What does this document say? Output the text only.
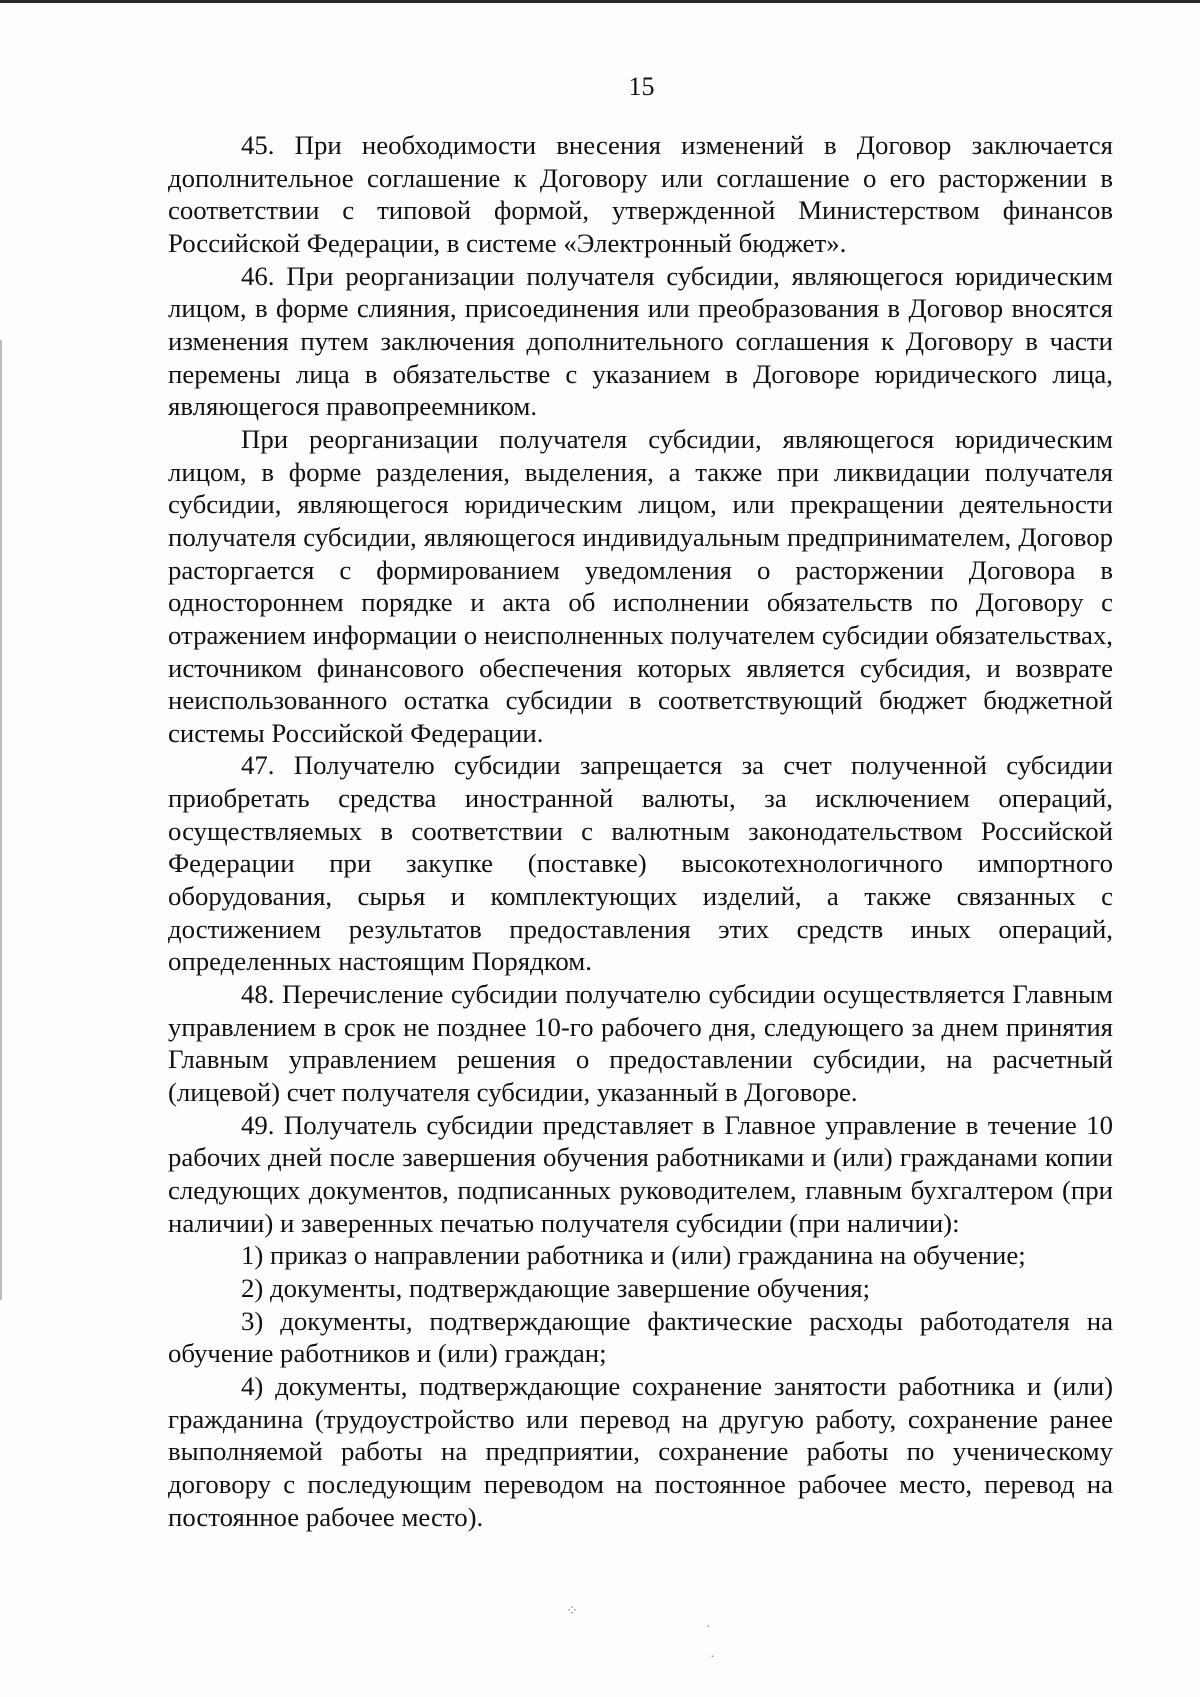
15

45. При необходимости внесения изменений в Договор заключается дополнительное соглашение к Договору или соглашение о его расторжении в соответствии с типовой формой, утвержденной Министерством финансов Российской Федерации, в системе «Электронный бюджет».

46. При реорганизации получателя субсидии, являющегося юридическим лицом, в форме слияния, присоединения или преобразования в Договор вносятся изменения путем заключения дополнительного соглашения к Договору в части перемены лица в обязательстве с указанием в Договоре юридического лица, являющегося правопреемником.

При реорганизации получателя субсидии, являющегося юридическим лицом, в форме разделения, выделения, а также при ликвидации получателя субсидии, являющегося юридическим лицом, или прекращении деятельности получателя субсидии, являющегося индивидуальным предпринимателем, Договор расторгается с формированием уведомления о расторжении Договора в одностороннем порядке и акта об исполнении обязательств по Договору с отражением информации о неисполненных получателем субсидии обязательствах, источником финансового обеспечения которых является субсидия, и возврате неиспользованного остатка субсидии в соответствующий бюджет бюджетной системы Российской Федерации.

47. Получателю субсидии запрещается за счет полученной субсидии приобретать средства иностранной валюты, за исключением операций, осуществляемых в соответствии с валютным законодательством Российской Федерации при закупке (поставке) высокотехнологичного импортного оборудования, сырья и комплектующих изделий, а также связанных с достижением результатов предоставления этих средств иных операций, определенных настоящим Порядком.

48. Перечисление субсидии получателю субсидии осуществляется Главным управлением в срок не позднее 10-го рабочего дня, следующего за днем принятия Главным управлением решения о предоставлении субсидии, на расчетный (лицевой) счет получателя субсидии, указанный в Договоре.

49. Получатель субсидии представляет в Главное управление в течение 10 рабочих дней после завершения обучения работниками и (или) гражданами копии следующих документов, подписанных руководителем, главным бухгалтером (при наличии) и заверенных печатью получателя субсидии (при наличии):

1) приказ о направлении работника и (или) гражданина на обучение;

2) документы, подтверждающие завершение обучения;

3) документы, подтверждающие фактические расходы работодателя на обучение работников и (или) граждан;

4) документы, подтверждающие сохранение занятости работника и (или) гражданина (трудоустройство или перевод на другую работу, сохранение ранее выполняемой работы на предприятии, сохранение работы по ученическому договору с последующим переводом на постоянное рабочее место, перевод на постоянное рабочее место).

⁘
·
·
